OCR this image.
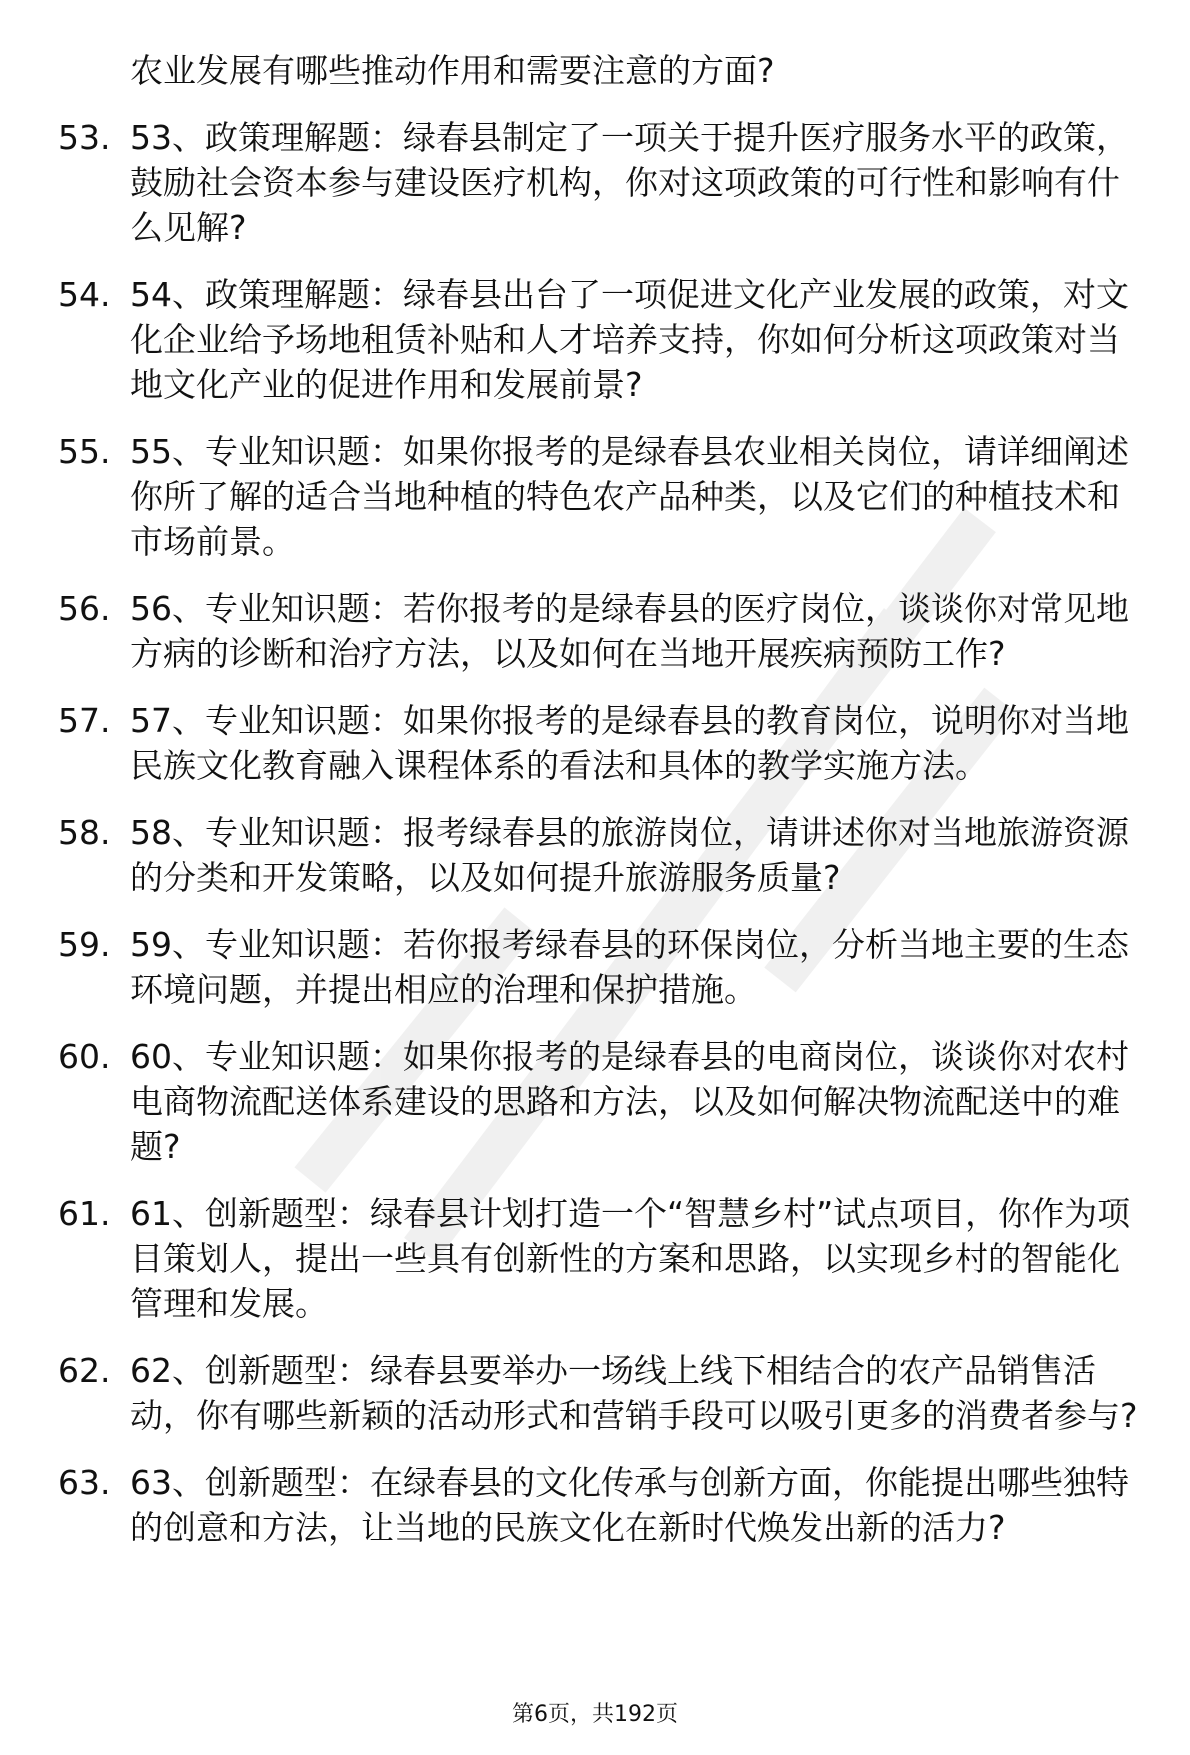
农业发展有哪些推动作用和需要注意的方面?
53. 53、政策理解题：绿春县制定了一项关于提升医疗服务水平的政策，鼓励社会资本参与建设医疗机构，你对这项政策的可行性和影响有什么见解?
54. 54、政策理解题：绿春县出台了一项促进文化产业发展的政策，对文化企业给予场地租赁补贴和人才培养支持，你如何分析这项政策对当地文化产业的促进作用和发展前景?
55. 55、专业知识题：如果你报考的是绿春县农业相关岗位，请详细阐述你所了解的适合当地种植的特色农产品种类，以及它们的种植技术和市场前景。
56. 56、专业知识题：若你报考的是绿春县的医疗岗位，谈谈你对常见地方病的诊断和治疗方法，以及如何在当地开展疾病预防工作?
57. 57、专业知识题：如果你报考的是绿春县的教育岗位，说明你对当地民族文化教育融入课程体系的看法和具体的教学实施方法。
58. 58、专业知识题：报考绿春县的旅游岗位，请讲述你对当地旅游资源的分类和开发策略，以及如何提升旅游服务质量?
59. 59、专业知识题：若你报考绿春县的环保岗位，分析当地主要的生态环境问题，并提出相应的治理和保护措施。
60. 60、专业知识题：如果你报考的是绿春县的电商岗位，谈谈你对农村电商物流配送体系建设的思路和方法，以及如何解决物流配送中的难题?
61. 61、创新题型：绿春县计划打造一个“智慧乡村”试点项目，你作为项目策划人，提出一些具有创新性的方案和思路，以实现乡村的智能化管理和发展。
62. 62、创新题型：绿春县要举办一场线上线下相结合的农产品销售活动，你有哪些新颖的活动形式和营销手段可以吸引更多的消费者参与?
63. 63、创新题型：在绿春县的文化传承与创新方面，你能提出哪些独特的创意和方法，让当地的民族文化在新时代焕发出新的活力?
第6页，共192页
